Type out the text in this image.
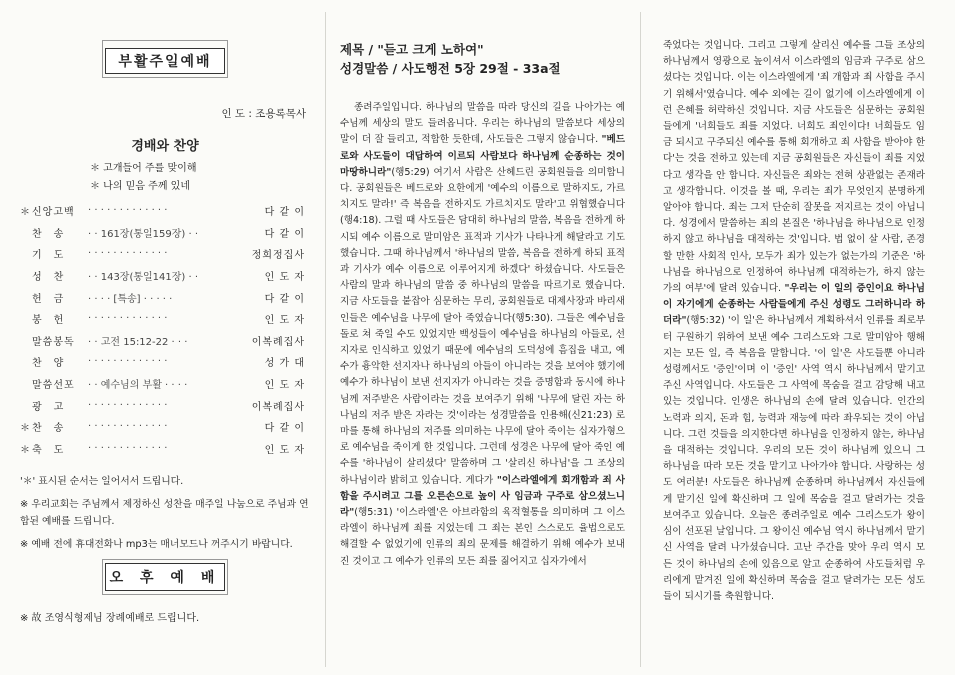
부활주일예배
인 도 : 조용록목사
경배와 찬양
＊ 고개들어 주를 맞이해
＊ 나의 믿음 주께 있네
＊	신앙고백	· · · · · · · · · · · · ·	다 같 이
	찬　송	· · 161장(통일159장) · ·	다 같 이
	기　도	· · · · · · · · · · · · ·	정희정집사
	성　찬	· · 143장(통일141장) · ·	인 도 자
	헌　금	· · · · [특송] · · · · ·	다 같 이
	봉　헌	· · · · · · · · · · · · ·	인 도 자
	말씀봉독	· · 고전 15:12-22 · · ·	이복례집사
	찬　양	· · · · · · · · · · · · ·	성 가 대
	말씀선포	· · 예수님의 부활 · · · ·	인 도 자
	광　고	· · · · · · · · · · · · ·	이복례집사
＊	찬　송	· · · · · · · · · · · · ·	다 같 이
＊	축　도	· · · · · · · · · · · · ·	인 도 자

'＊' 표시된 순서는 일어서서 드립니다.

※ 우리교회는 주님께서 제정하신 성찬을 매주일 나눔으로 주님과 연합된 예배를 드립니다.

※ 예배 전에 휴대전화나 mp3는 매너모드나 꺼주시기 바랍니다.

오 후 예 배
※ 故 조영식형제님 장례예배로 드립니다.
제목 / "듣고 크게 노하여"
성경말씀 / 사도행전 5장 29절 - 33a절
종려주일입니다. 하나님의 말씀을 따라 당신의 길을 나아가는 예수님께 세상의 말도 들려옵니다. 우리는 하나님의 말씀보다 세상의 말이 더 잘 들리고, 적합한 듯한데, 사도들은 그렇지 않습니다. "베드로와 사도들이 대답하여 이르되 사람보다 하나님께 순종하는 것이 마땅하니라"(행5:29) 여기서 사람은 산헤드린 공회원들을 의미합니다. 공회원들은 베드로와 요한에게 '예수의 이름으로 말하지도, 가르치지도 말라!' 즉 복음을 전하지도 가르치지도 말라'고 위협했습니다(행4:18). 그럴 때 사도들은 담대히 하나님의 말씀, 복음을 전하게 하시되 예수 이름으로 말미암은 표적과 기사가 나타나게 해달라고 기도했습니다. 그때 하나님께서 '하나님의 말씀, 복음을 전하게 하되 표적과 기사가 예수 이름으로 이루어지게 하겠다' 하셨습니다. 사도들은 사람의 말과 하나님의 말씀 중 하나님의 말씀을 따르기로 했습니다. 지금 사도들을 붙잡아 심문하는 무리, 공회원들로 대제사장과 바리새인들은 예수님을 나무에 달아 죽였습니다(행5:30). 그들은 예수님을 돌로 쳐 죽일 수도 있었지만 백성들이 예수님을 하나님의 아들로, 선지자로 인식하고 있었기 때문에 예수님의 도덕성에 흠집을 내고, 예수가 흉악한 선지자나 하나님의 아들이 아니라는 것을 보여야 했기에 예수가 하나님이 보낸 선지자가 아니라는 것을 증명함과 동시에 하나님께 저주받은 사람이라는 것을 보여주기 위해 '나무에 달린 자는 하나님의 저주 받은 자라는 것'이라는 성경말씀을 인용해(신21:23) 로마를 통해 하나님의 저주를 의미하는 나무에 달아 죽이는 십자가형으로 예수님을 죽이게 한 것입니다. 그런데 성경은 나무에 달아 죽인 예수를 '하나님이 살리셨다' 말씀하며 그 '살리신 하나님'을 그 조상의 하나님이라 밝히고 있습니다. 게다가 "이스라엘에게 회개함과 죄 사함을 주시려고 그를 오른손으로 높이 사 임금과 구주로 삼으셨느니라"(행5:31) '이스라엘'은 아브라함의 육적혈통을 의미하며 그 이스라엘이 하나님께 죄를 지었는데 그 죄는 본인 스스로도 율법으로도 해결할 수 없었기에 인류의 죄의 문제를 해결하기 위해 예수가 보내진 것이고 그 예수가 인류의 모든 죄를 짊어지고 십자가에서
죽었다는 것입니다. 그리고 그렇게 살리신 예수를 그들 조상의 하나님께서 영광으로 높이셔서 이스라엘의 임금과 구주로 삼으셨다는 것입니다. 이는 이스라엘에게 '죄 개함과 죄 사함을 주시기 위해서'였습니다. 예수 외에는 길이 없기에 이스라엘에게 이런 은혜를 허락하신 것입니다. 지금 사도들은 심문하는 공회원들에게 '너희들도 죄를 지었다. 너희도 죄인이다! 너희들도 임금 되시고 구주되신 예수를 통해 회개하고 죄 사함을 받아야 한다'는 것을 전하고 있는데 지금 공회원들은 자신들이 죄를 지었다고 생각을 안 합니다. 자신들은 죄와는 전혀 상관없는 존재라고 생각합니다. 이것을 볼 때, 우리는 죄가 무엇인지 분명하게 알아야 합니다. 죄는 그저 단순히 잘못을 저지르는 것이 아닙니다. 성경에서 말씀하는 죄의 본질은 '하나님을 하나님으로 인정하지 않고 하나님을 대적하는 것'입니다. 법 없이 살 사람, 존경할 만한 사회적 인사, 모두가 죄가 있는가 없는가의 기준은 '하나님을 하나님으로 인정하여 하나님께 대적하는가, 하지 않는가의 여부'에 달려 있습니다. "우리는 이 일의 증인이요 하나님이 자기에게 순종하는 사람들에게 주신 성령도 그러하니라 하더라"(행5:32) '이 일'은 하나님께서 계획하셔서 인류를 죄로부터 구원하기 위하여 보낸 예수 그리스도와 그로 말미암아 행해지는 모든 일, 즉 복음을 말합니다. '이 일'은 사도들뿐 아니라 성령께서도 '증인'이며 이 '증인' 사역 역시 하나님께서 맡기고 주신 사역입니다. 사도들은 그 사역에 목숨을 걸고 감당해 내고 있는 것입니다. 인생은 하나님의 손에 달려 있습니다. 인간의 노력과 의지, 돈과 힘, 능력과 재능에 따라 좌우되는 것이 아닙니다. 그런 것들을 의지한다면 하나님을 인정하지 않는, 하나님을 대적하는 것입니다. 우리의 모든 것이 하나님께 있으니 그 하나님을 따라 모든 것을 맡기고 나아가야 합니다. 사랑하는 성도 여러분! 사도들은 하나님께 순종하며 하나님께서 자신들에게 맡기신 일에 확신하며 그 일에 목숨을 걸고 달려가는 것을 보여주고 있습니다. 오늘은 종려주일로 예수 그리스도가 왕이심이 선포된 날입니다. 그 왕이신 예수님 역시 하나님께서 맡기신 사역을 달려 나가셨습니다. 고난 주간을 맞아 우리 역시 모든 것이 하나님의 손에 있음으로 알고 순종하여 사도들처럼 우리에게 맡겨진 일에 확신하며 목숨을 걸고 달려가는 모든 성도들이 되시기를 축원합니다.
